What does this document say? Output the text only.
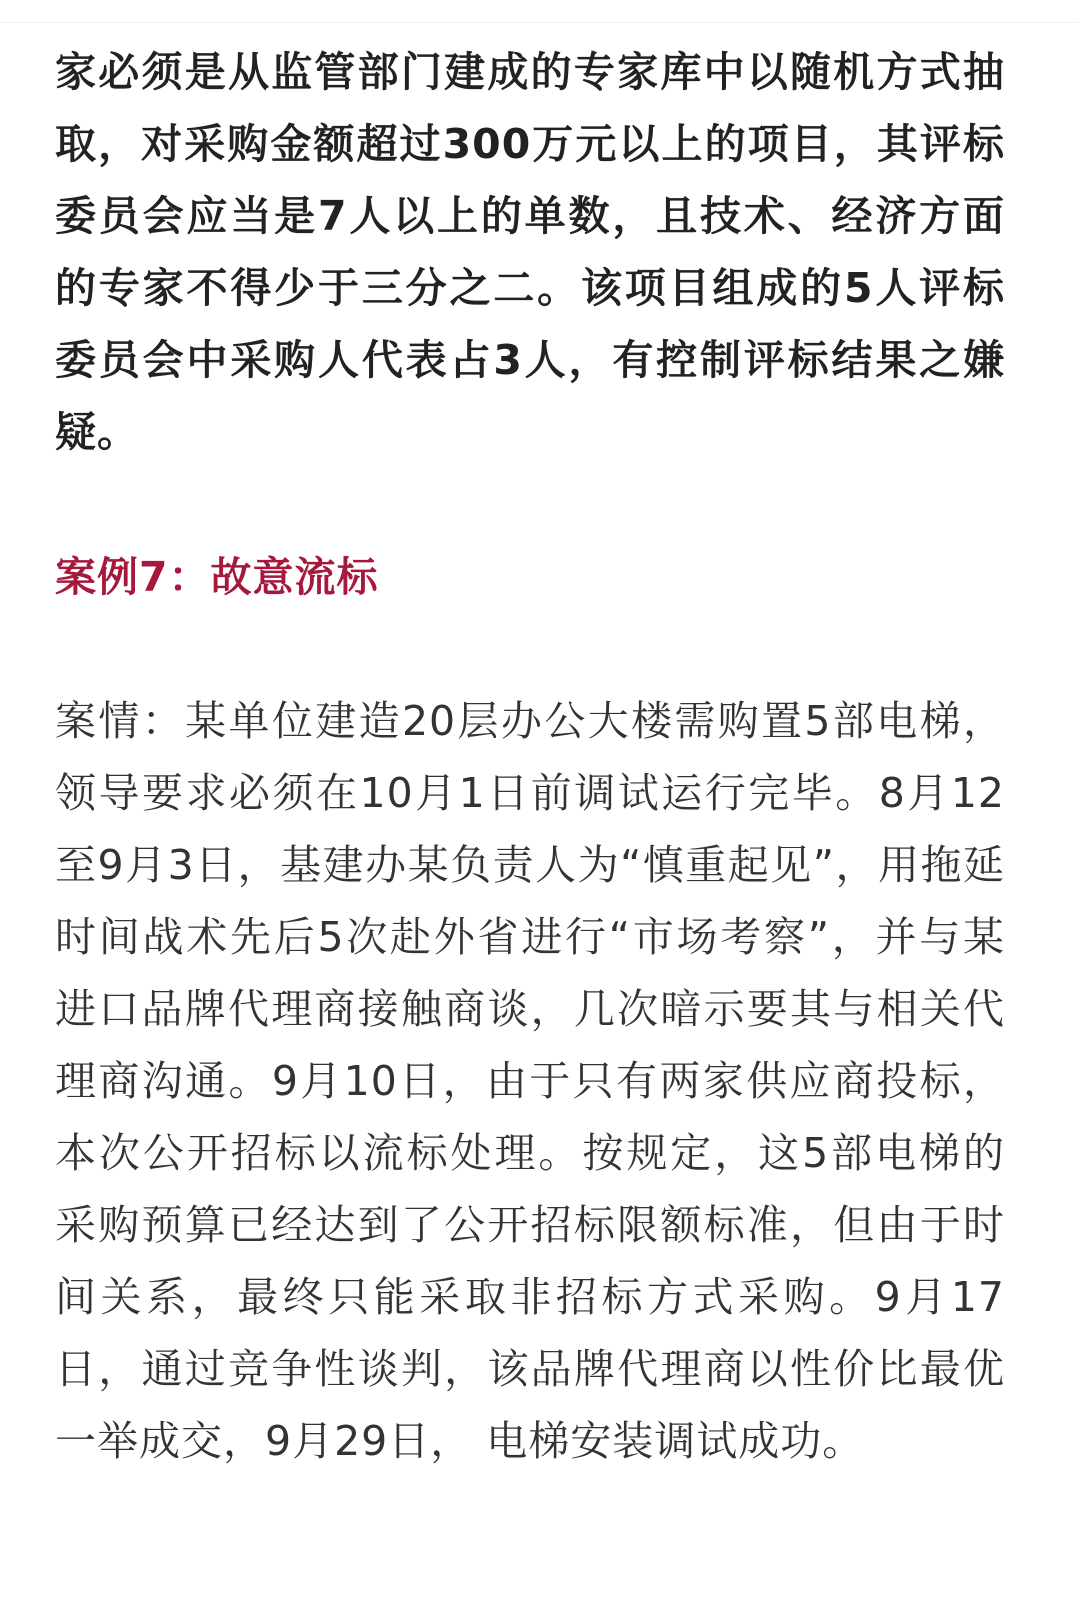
家必须是从监管部门建成的专家库中以随机方式抽取，对采购金额超过300万元以上的项目，其评标委员会应当是7人以上的单数，且技术、经济方面的专家不得少于三分之二。该项目组成的5人评标委员会中采购人代表占3人，有控制评标结果之嫌疑。

案例7：故意流标

案情：某单位建造20层办公大楼需购置5部电梯，领导要求必须在10月1日前调试运行完毕。8月12至9月3日，基建办某负责人为“慎重起见”，用拖延时间战术先后5次赴外省进行“市场考察”，并与某进口品牌代理商接触商谈，几次暗示要其与相关代理商沟通。9月10日，由于只有两家供应商投标，本次公开招标以流标处理。按规定，这5部电梯的采购预算已经达到了公开招标限额标准，但由于时间关系，最终只能采取非招标方式采购。9月17日，通过竞争性谈判，该品牌代理商以性价比最优一举成交，9月29日， 电梯安装调试成功。
